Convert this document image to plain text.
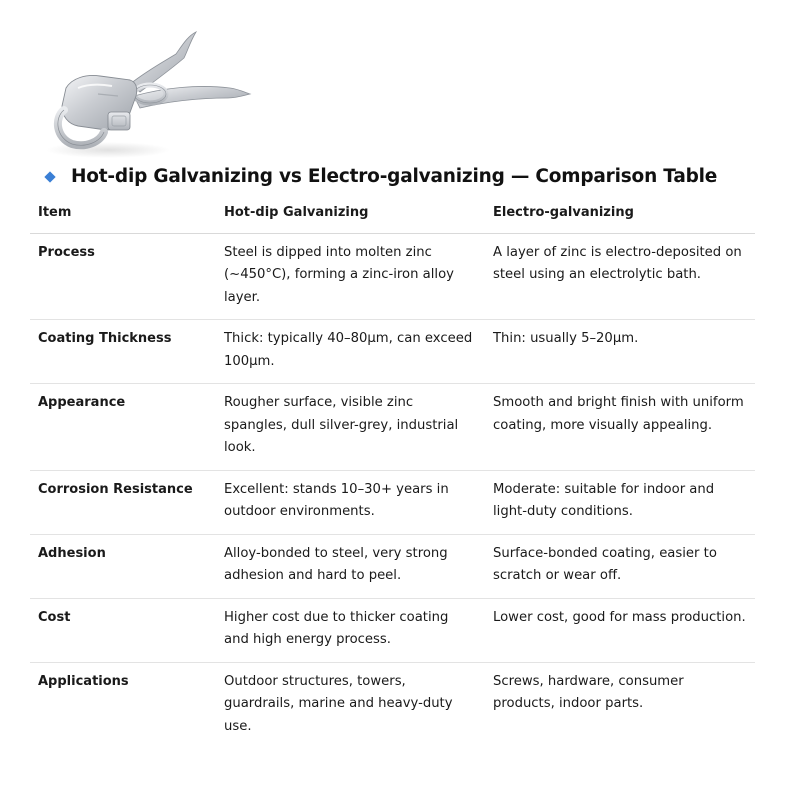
Hot-dip Galvanizing vs Electro-galvanizing — Comparison Table
Item	Hot-dip Galvanizing	Electro-galvanizing
Process	Steel is dipped into molten zinc (~450°C), forming a zinc-iron alloy layer.	A layer of zinc is electro-deposited on steel using an electrolytic bath.
Coating Thickness	Thick: typically 40–80μm, can exceed 100μm.	Thin: usually 5–20μm.
Appearance	Rougher surface, visible zinc spangles, dull silver-grey, industrial look.	Smooth and bright finish with uniform coating, more visually appealing.
Corrosion Resistance	Excellent: stands 10–30+ years in outdoor environments.	Moderate: suitable for indoor and light-duty conditions.
Adhesion	Alloy-bonded to steel, very strong adhesion and hard to peel.	Surface-bonded coating, easier to scratch or wear off.
Cost	Higher cost due to thicker coating and high energy process.	Lower cost, good for mass production.
Applications	Outdoor structures, towers, guardrails, marine and heavy-duty use.	Screws, hardware, consumer products, indoor parts.
